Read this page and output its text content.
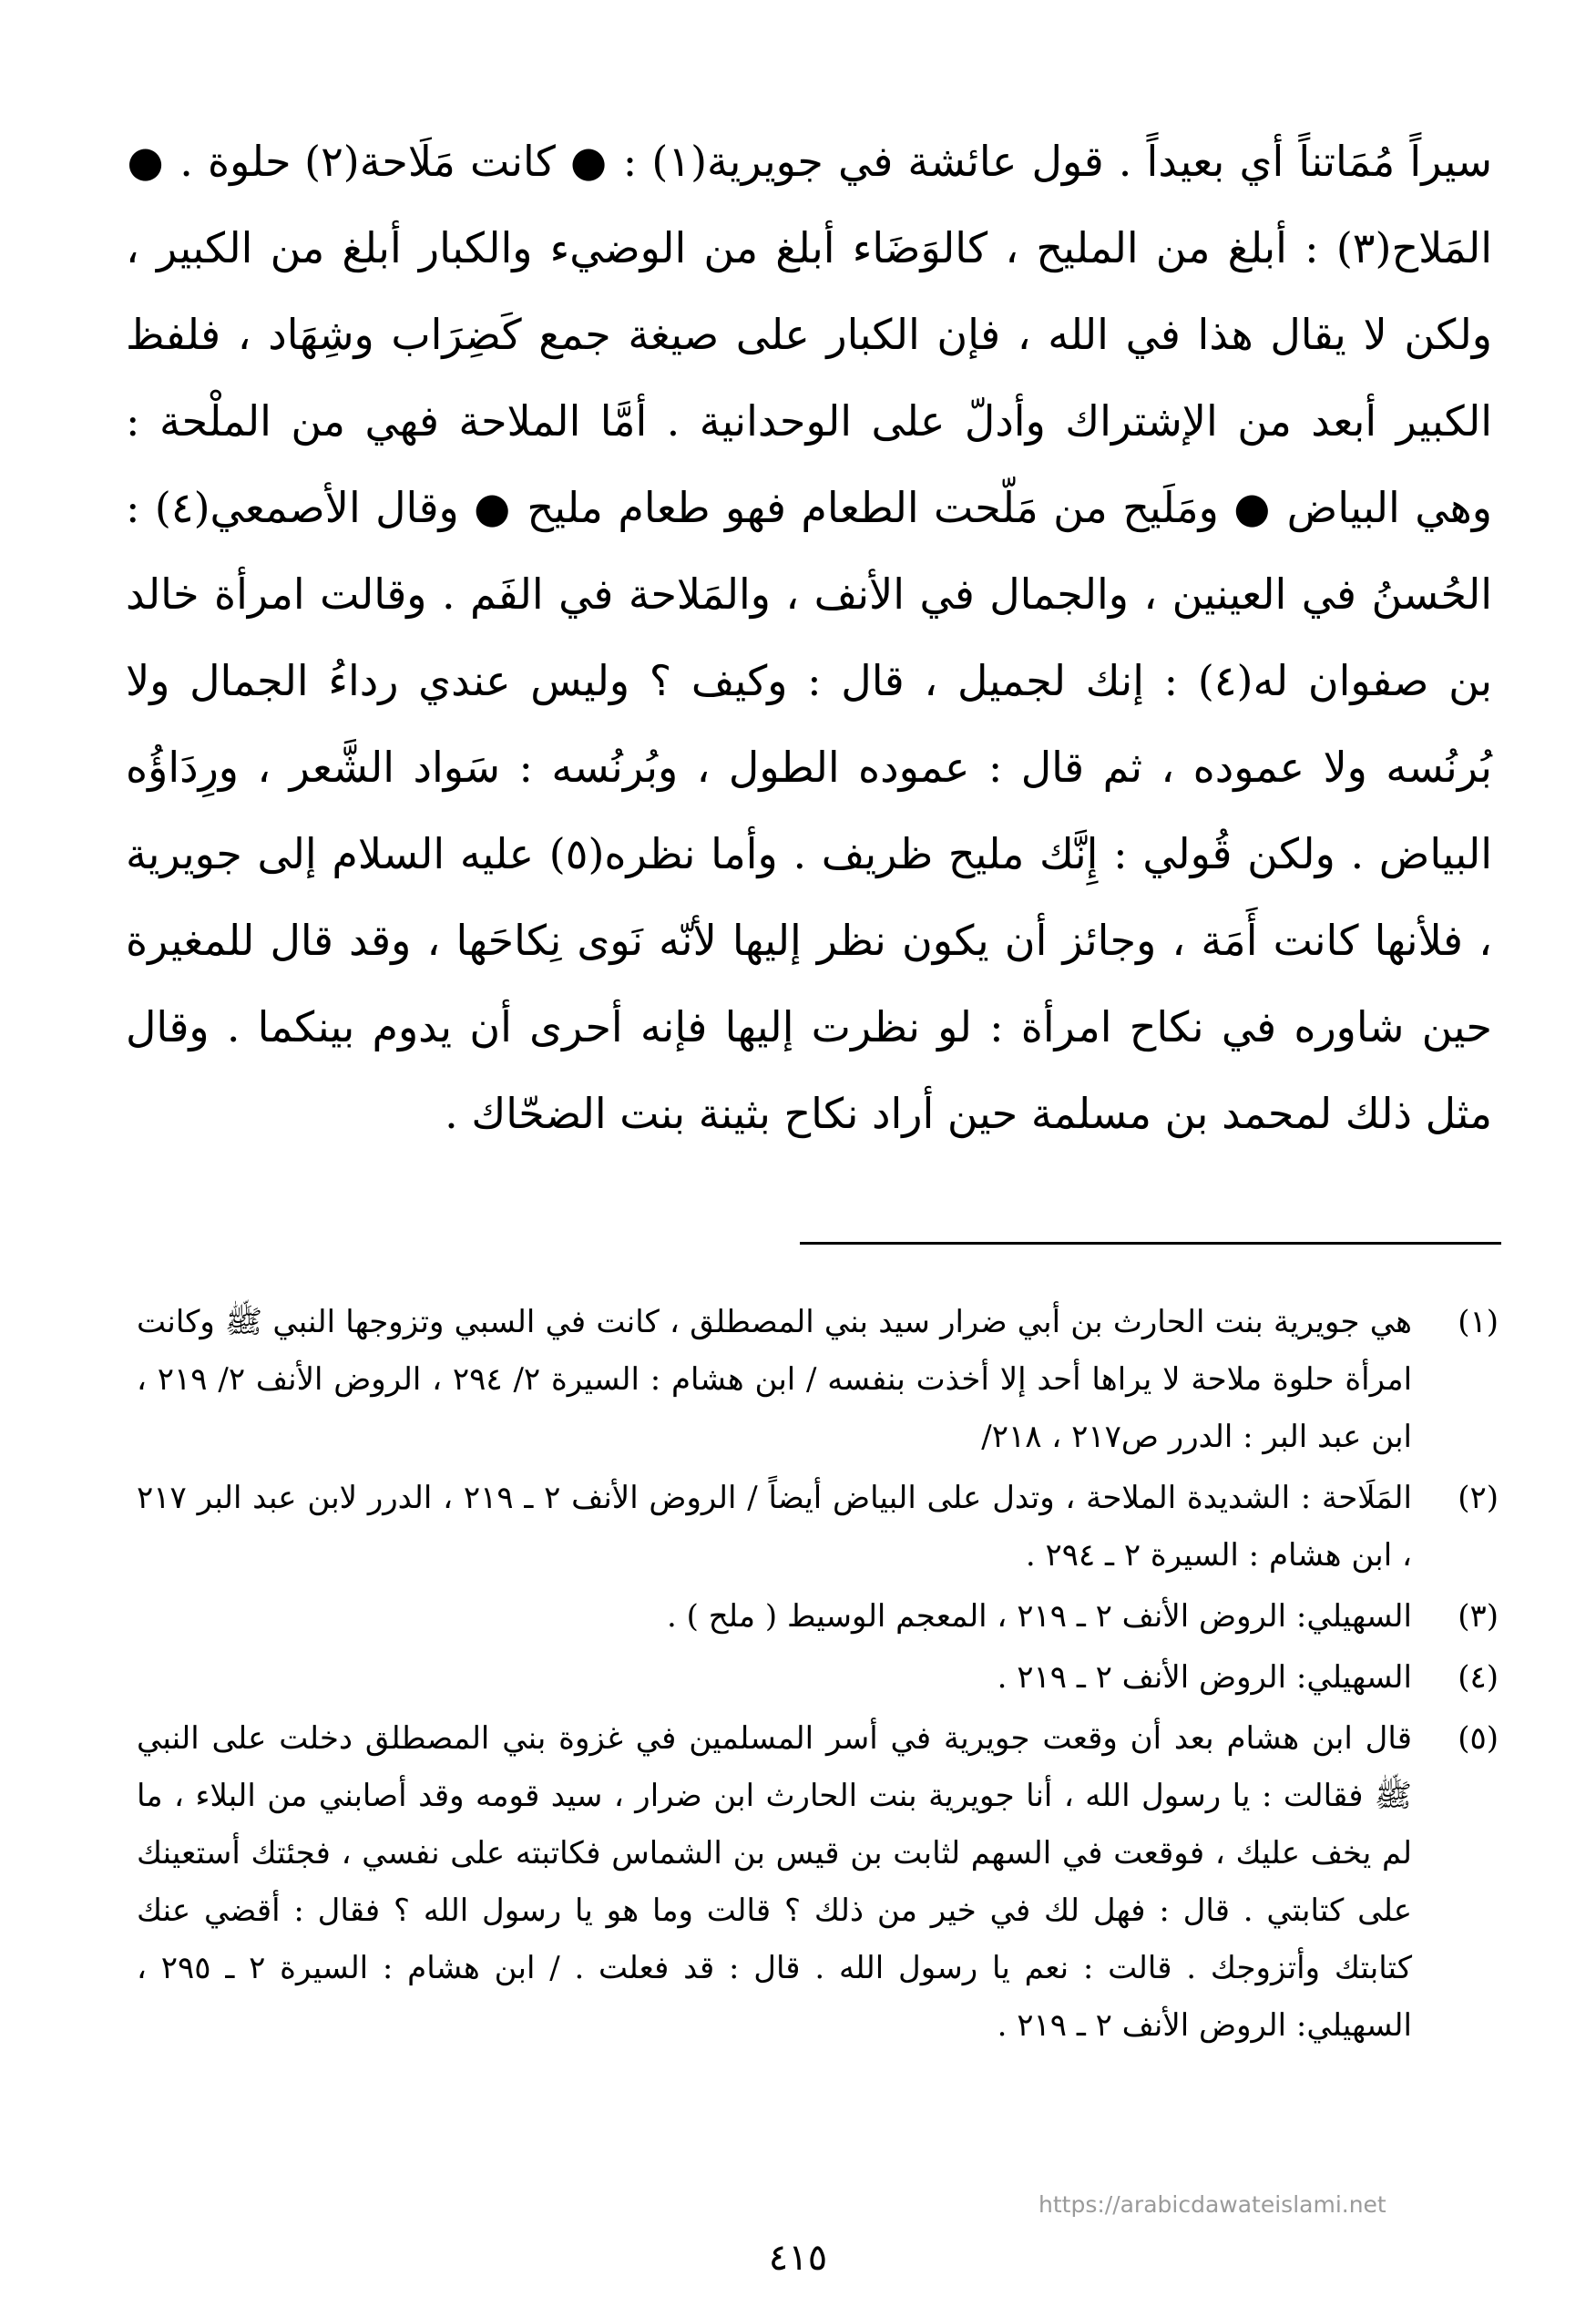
سيراً مُمَاتناً أي بعيداً . قول عائشة في جويرية(١) : ● كانت مَلَاحة(٢) حلوة . ● المَلاح(٣) : أبلغ من المليح ، كالوَضَاء أبلغ من الوضيء والكبار أبلغ من الكبير ، ولكن لا يقال هذا في الله ، فإن الكبار على صيغة جمع كَضِرَاب وشِهَاد ، فلفظ الكبير أبعد من الإشتراك وأدلّ على الوحدانية . أمَّا الملاحة فهي من الملْحة : وهي البياض ● ومَلَيح من مَلّحت الطعام فهو طعام مليح ● وقال الأصمعي(٤) : الحُسنُ في العينين ، والجمال في الأنف ، والمَلاحة في الفَم . وقالت امرأة خالد بن صفوان له(٤) : إنك لجميل ، قال : وكيف ؟ وليس عندي رداءُ الجمال ولا بُرنُسه ولا عموده ، ثم قال : عموده الطول ، وبُرنُسه : سَواد الشَّعر ، ورِدَاؤُه البياض . ولكن قُولي : إِنَّك مليح ظريف . وأما نظره(٥) عليه السلام إلى جويرية ، فلأنها كانت أَمَة ، وجائز أن يكون نظر إليها لأنّه نَوى نِكاحَها ، وقد قال للمغيرة حين شاوره في نكاح امرأة : لو نظرت إليها فإنه أحرى أن يدوم بينكما . وقال مثل ذلك لمحمد بن مسلمة حين أراد نكاح بثينة بنت الضحّاك .

(١)
هي جويرية بنت الحارث بن أبي ضرار سيد بني المصطلق ، كانت في السبي وتزوجها النبي ﷺ وكانت امرأة حلوة ملاحة لا يراها أحد إلا أخذت بنفسه / ابن هشام : السيرة ٢/ ٢٩٤ ، الروض الأنف ٢/ ٢١٩ ، ابن عبد البر : الدرر ص٢١٧ ، ٢١٨/
(٢)
المَلَاحة : الشديدة الملاحة ، وتدل على البياض أيضاً / الروض الأنف ٢ ـ ٢١٩ ، الدرر لابن عبد البر ٢١٧ ، ابن هشام : السيرة ٢ ـ ٢٩٤ .
(٣)
السهيلي: الروض الأنف ٢ ـ ٢١٩ ، المعجم الوسيط ( ملح ) .
(٤)
السهيلي: الروض الأنف ٢ ـ ٢١٩ .
(٥)
قال ابن هشام بعد أن وقعت جويرية في أسر المسلمين في غزوة بني المصطلق دخلت على النبي ﷺ فقالت : يا رسول الله ، أنا جويرية بنت الحارث ابن ضرار ، سيد قومه وقد أصابني من البلاء ، ما لم يخف عليك ، فوقعت في السهم لثابت بن قيس بن الشماس فكاتبته على نفسي ، فجئتك أستعينك على كتابتي . قال : فهل لك في خير من ذلك ؟ قالت وما هو يا رسول الله ؟ فقال : أقضي عنك كتابتك وأتزوجك . قالت : نعم يا رسول الله . قال : قد فعلت . / ابن هشام : السيرة ٢ ـ ٢٩٥ ، السهيلي: الروض الأنف ٢ ـ ٢١٩ .
https://arabicdawateislami.net
٤١٥
